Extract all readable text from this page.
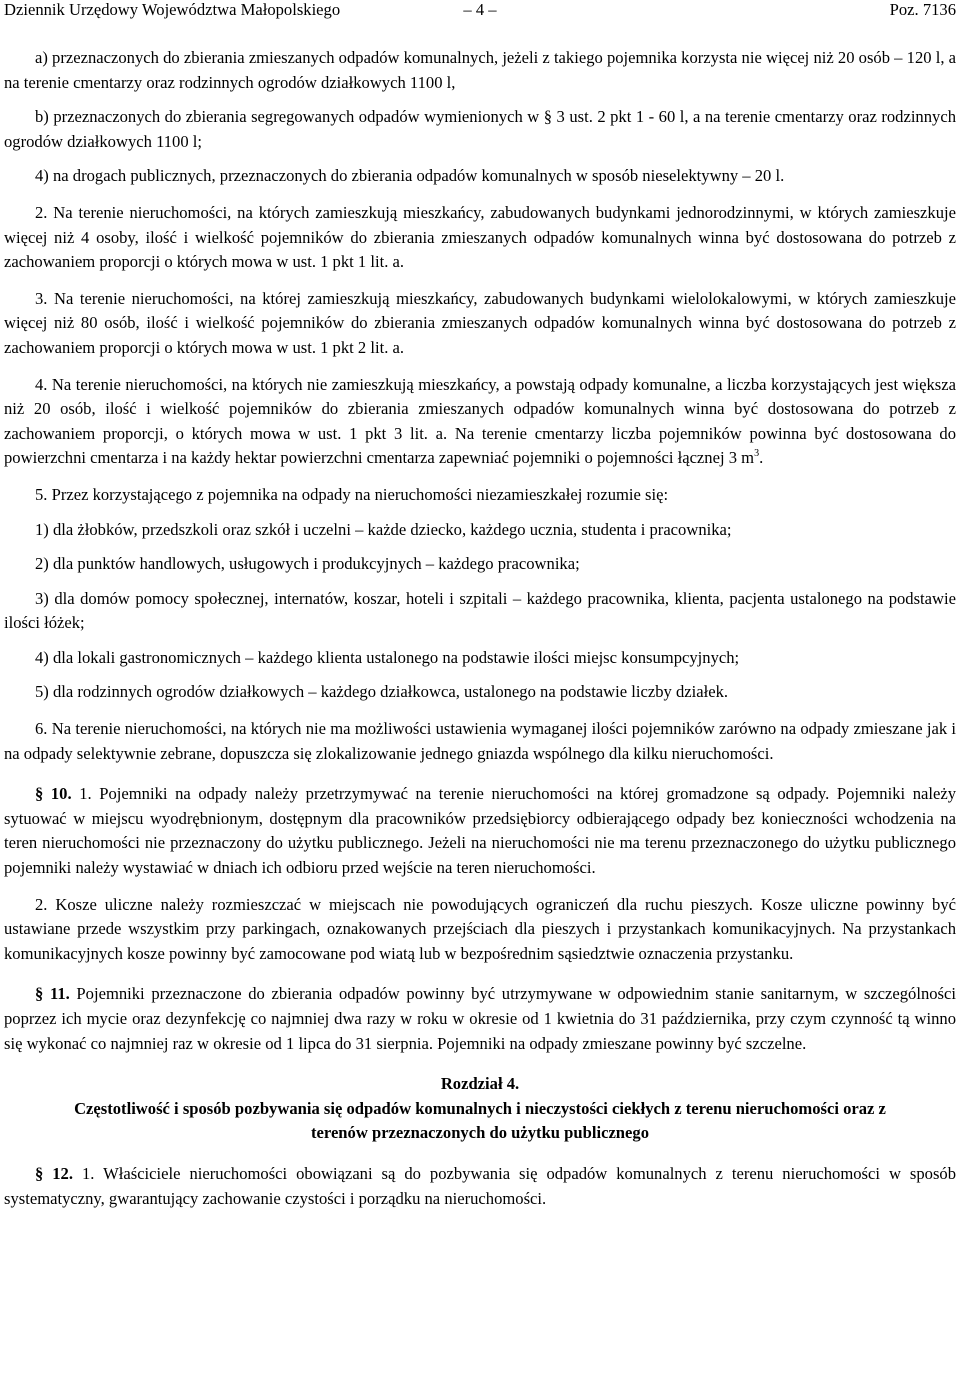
Dziennik Urzędowy Województwa Małopolskiego	– 4 –	Poz. 7136

a) przeznaczonych do zbierania zmieszanych odpadów komunalnych, jeżeli z takiego pojemnika korzysta nie więcej niż 20 osób – 120 l, a na terenie cmentarzy oraz rodzinnych ogrodów działkowych 1100 l,

b) przeznaczonych do zbierania segregowanych odpadów wymienionych w § 3 ust. 2 pkt 1 - 60 l, a na terenie cmentarzy oraz rodzinnych ogrodów działkowych 1100 l;

4) na drogach publicznych, przeznaczonych do zbierania odpadów komunalnych w sposób nieselektywny – 20 l.

2. Na terenie nieruchomości, na których zamieszkują mieszkańcy, zabudowanych budynkami jednorodzinnymi, w których zamieszkuje więcej niż 4 osoby, ilość i wielkość pojemników do zbierania zmieszanych odpadów komunalnych winna być dostosowana do potrzeb z zachowaniem proporcji o których mowa w ust. 1 pkt 1 lit. a.

3. Na terenie nieruchomości, na której zamieszkują mieszkańcy, zabudowanych budynkami wielolokalowymi, w których zamieszkuje więcej niż 80 osób, ilość i wielkość pojemników do zbierania zmieszanych odpadów komunalnych winna być dostosowana do potrzeb z zachowaniem proporcji o których mowa w ust. 1 pkt 2 lit. a.

4. Na terenie nieruchomości, na których nie zamieszkują mieszkańcy, a powstają odpady komunalne, a liczba korzystających jest większa niż 20 osób, ilość i wielkość pojemników do zbierania zmieszanych odpadów komunalnych winna być dostosowana do potrzeb z zachowaniem proporcji, o których mowa w ust. 1 pkt 3 lit. a. Na terenie cmentarzy liczba pojemników powinna być dostosowana do powierzchni cmentarza i na każdy hektar powierzchni cmentarza zapewniać pojemniki o pojemności łącznej 3 $m^3$.

5. Przez korzystającego z pojemnika na odpady na nieruchomości niezamieszkałej rozumie się:

1) dla żłobków, przedszkoli oraz szkół i uczelni – każde dziecko, każdego ucznia, studenta i pracownika;

2) dla punktów handlowych, usługowych i produkcyjnych – każdego pracownika;

3) dla domów pomocy społecznej, internatów, koszar, hoteli i szpitali – każdego pracownika, klienta, pacjenta ustalonego na podstawie ilości łóżek;

4) dla lokali gastronomicznych – każdego klienta ustalonego na podstawie ilości miejsc konsumpcyjnych;

5) dla rodzinnych ogrodów działkowych – każdego działkowca, ustalonego na podstawie liczby działek.

6. Na terenie nieruchomości, na których nie ma możliwości ustawienia wymaganej ilości pojemników zarówno na odpady zmieszane jak i na odpady selektywnie zebrane, dopuszcza się zlokalizowanie jednego gniazda wspólnego dla kilku nieruchomości.

§ 10. 1. Pojemniki na odpady należy przetrzymywać na terenie nieruchomości na której gromadzone są odpady. Pojemniki należy sytuować w miejscu wyodrębnionym, dostępnym dla pracowników przedsiębiorcy odbierającego odpady bez konieczności wchodzenia na teren nieruchomości nie przeznaczony do użytku publicznego. Jeżeli na nieruchomości nie ma terenu przeznaczonego do użytku publicznego pojemniki należy wystawiać w dniach ich odbioru przed wejście na teren nieruchomości.

2. Kosze uliczne należy rozmieszczać w miejscach nie powodujących ograniczeń dla ruchu pieszych. Kosze uliczne powinny być ustawiane przede wszystkim przy parkingach, oznakowanych przejściach dla pieszych i przystankach komunikacyjnych. Na przystankach komunikacyjnych kosze powinny być zamocowane pod wiatą lub w bezpośrednim sąsiedztwie oznaczenia przystanku.

§ 11. Pojemniki przeznaczone do zbierania odpadów powinny być utrzymywane w odpowiednim stanie sanitarnym, w szczególności poprzez ich mycie oraz dezynfekcję co najmniej dwa razy w roku w okresie od 1 kwietnia do 31 października, przy czym czynność tą winno się wykonać co najmniej raz w okresie od 1 lipca do 31 sierpnia. Pojemniki na odpady zmieszane powinny być szczelne.

Rozdział 4.

Częstotliwość i sposób pozbywania się odpadów komunalnych i nieczystości ciekłych z terenu nieruchomości oraz z terenów przeznaczonych do użytku publicznego

§ 12. 1. Właściciele nieruchomości obowiązani są do pozbywania się odpadów komunalnych z terenu nieruchomości w sposób systematyczny, gwarantujący zachowanie czystości i porządku na nieruchomości.
